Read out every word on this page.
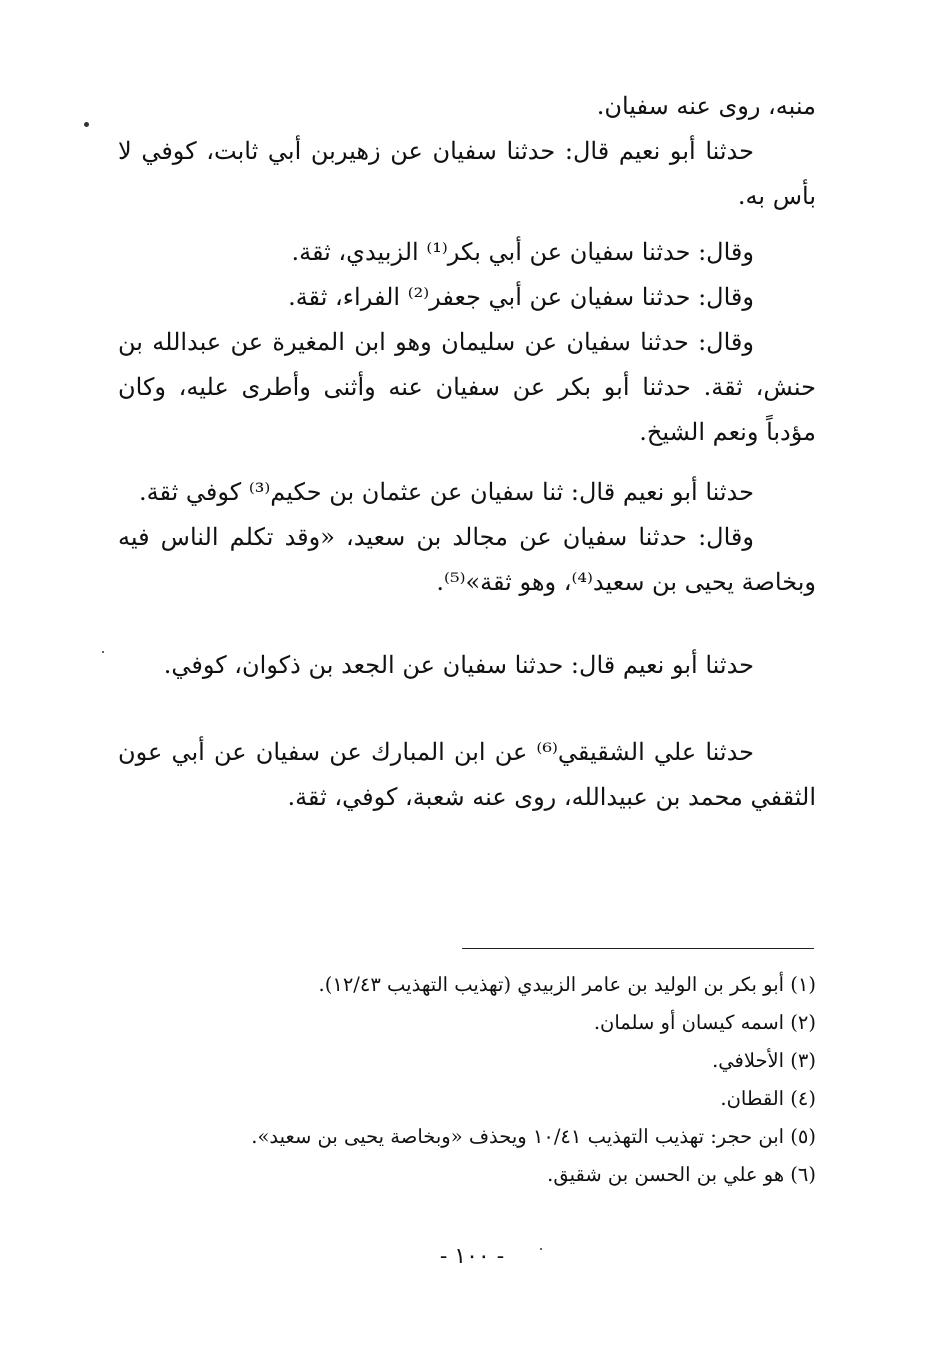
منبه، روى عنه سفيان.

حدثنا أبو نعيم قال: حدثنا سفيان عن زهيربن أبي ثابت، كوفي لا بأس به.

وقال: حدثنا سفيان عن أبي بكر⁽¹⁾ الزبيدي، ثقة.

وقال: حدثنا سفيان عن أبي جعفر⁽²⁾ الفراء، ثقة.

وقال: حدثنا سفيان عن سليمان وهو ابن المغيرة عن عبدالله بن حنش، ثقة. حدثنا أبو بكر عن سفيان عنه وأثنى وأطرى عليه، وكان مؤدباً ونعم الشيخ.

حدثنا أبو نعيم قال: ثنا سفيان عن عثمان بن حكيم⁽³⁾ كوفي ثقة.

وقال: حدثنا سفيان عن مجالد بن سعيد، «وقد تكلم الناس فيه وبخاصة يحيى بن سعيد⁽⁴⁾، وهو ثقة»⁽⁵⁾.

حدثنا أبو نعيم قال: حدثنا سفيان عن الجعد بن ذكوان، كوفي.

حدثنا علي الشقيقي⁽⁶⁾ عن ابن المبارك عن سفيان عن أبي عون الثقفي محمد بن عبيدالله، روى عنه شعبة، كوفي، ثقة.

(١) أبو بكر بن الوليد بن عامر الزبيدي (تهذيب التهذيب ١٢/٤٣).

(٢) اسمه كيسان أو سلمان.

(٣) الأحلافي.

(٤) القطان.

(٥) ابن حجر: تهذيب التهذيب ١٠/٤١ ويحذف «وبخاصة يحيى بن سعيد».

(٦) هو علي بن الحسن بن شقيق.

- ١٠٠ -
